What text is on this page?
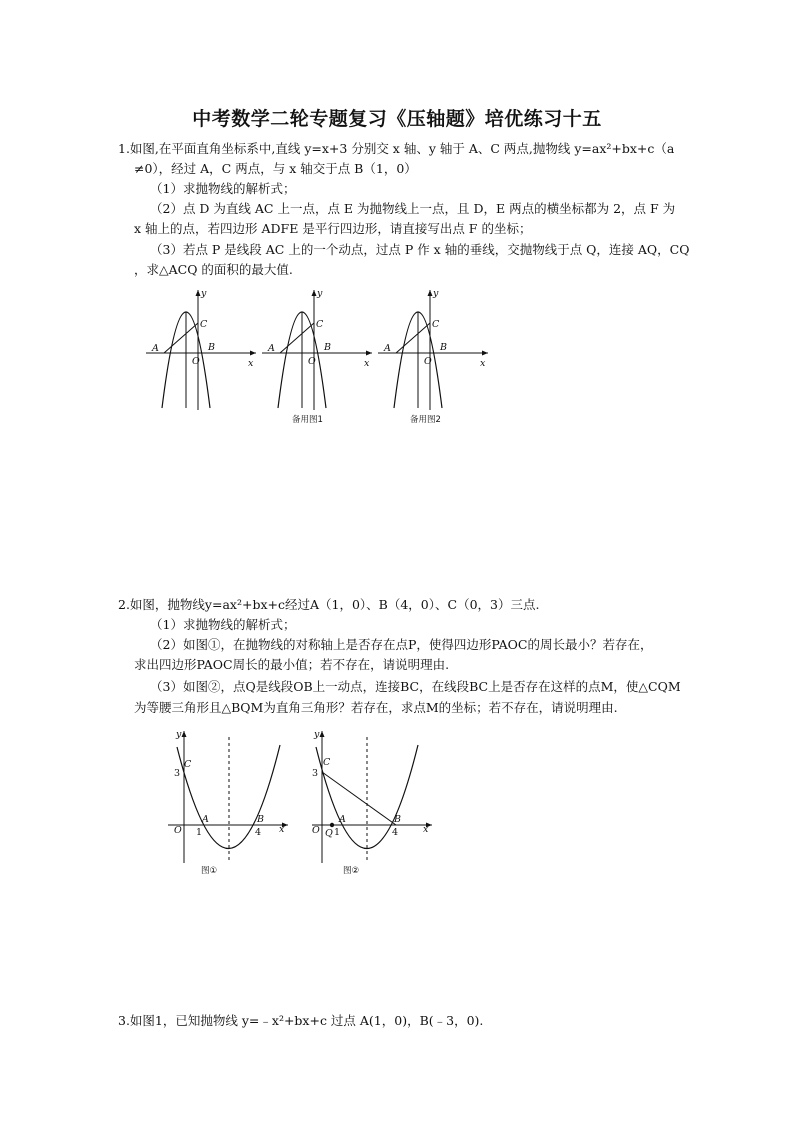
中考数学二轮专题复习《压轴题》培优练习十五
1.如图,在平面直角坐标系中,直线 y=x+3 分别交 x 轴、y 轴于 A、C 两点,抛物线 y=ax²+bx+c（a
≠0），经过 A，C 两点，与 x 轴交于点 B（1，0）
（1）求抛物线的解析式；
（2）点 D 为直线 AC 上一点，点 E 为抛物线上一点，且 D，E 两点的横坐标都为 2，点 F 为
x 轴上的点，若四边形 ADFE 是平行四边形，请直接写出点 F 的坐标；
（3）若点 P 是线段 AC 上的一个动点，过点 P 作 x 轴的垂线，交抛物线于点 Q，连接 AQ，CQ
，求△ACQ 的面积的最大值.
y
C
A	B
O	x
y
C
A	B
O	x
备用图1
y
C
A	B
O	x
备用图2
2.如图，抛物线y=ax²+bx+c经过A（1，0）、B（4，0）、C（0，3）三点.
（1）求抛物线的解析式；
（2）如图①，在抛物线的对称轴上是否存在点P，使得四边形PAOC的周长最小？若存在，
求出四边形PAOC周长的最小值；若不存在，请说明理由.
（3）如图②，点Q是线段OB上一动点，连接BC，在线段BC上是否存在这样的点M，使△CQM
为等腰三角形且△BQM为直角三角形？若存在，求点M的坐标；若不存在，请说明理由.
y
C
3
A	B
O 1	4 x
图①
y
C
3
A	B
O Q 1	4	x
图②
3.如图1，已知抛物线 y=﹣x²+bx+c 过点 A(1，0)，B(﹣3，0).
